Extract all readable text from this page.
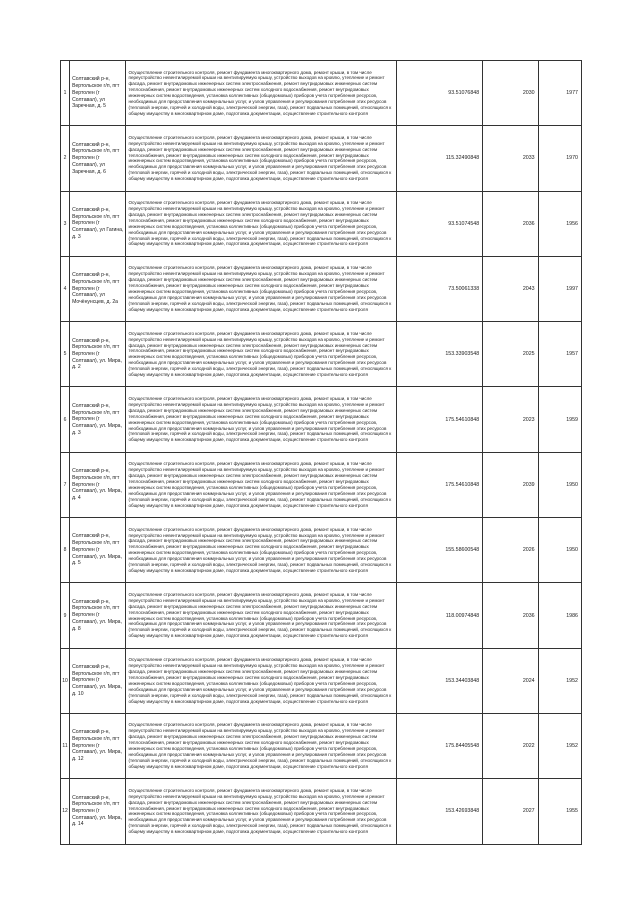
1	Солтавский р-н, Вертольское г/п, пгт Вертолен (г Солтавал), ул Заречная, д. 5	Осуществление строительного контроля, ремонт фундамента многоквартирного дома, ремонт крыши, в том числе переустройство невентилируемой крыши на вентилируемую крышу, устройство выходов на кровлю, утепление и ремонт фасада, ремонт внутридомовых инженерных систем электроснабжения, ремонт внутридомовых инженерных систем теплоснабжения, ремонт внутридомовых инженерных систем холодного водоснабжения, ремонт внутридомовых инженерных систем водоотведения, установка коллективных (общедомовых) приборов учета потребления ресурсов, необходимых для предоставления коммунальных услуг, и узлов управления и регулирования потребления этих ресурсов (тепловой энергии, горячей и холодной воды, электрической энергии, газа), ремонт подвальных помещений, относящихся к общему имуществу в многоквартирном доме, подготовка документации, осуществление строительного контроля	93.51076848	2030	1977
2	Солтавский р-н, Вертольское г/п, пгт Вертолен (г Солтавал), ул Заречная, д. 6	Осуществление строительного контроля, ремонт фундамента многоквартирного дома, ремонт крыши, в том числе переустройство невентилируемой крыши на вентилируемую крышу, устройство выходов на кровлю, утепление и ремонт фасада, ремонт внутридомовых инженерных систем электроснабжения, ремонт внутридомовых инженерных систем теплоснабжения, ремонт внутридомовых инженерных систем холодного водоснабжения, ремонт внутридомовых инженерных систем водоотведения, установка коллективных (общедомовых) приборов учета потребления ресурсов, необходимых для предоставления коммунальных услуг, и узлов управления и регулирования потребления этих ресурсов (тепловой энергии, горячей и холодной воды, электрической энергии, газа), ремонт подвальных помещений, относящихся к общему имуществу в многоквартирном доме, подготовка документации, осуществление строительного контроля	115.32490848	2033	1970
3	Солтавский р-н, Вертольское г/п, пгт Вертолен (г Солтавал), ул Гагина, д. 3	Осуществление строительного контроля, ремонт фундамента многоквартирного дома, ремонт крыши, в том числе переустройство невентилируемой крыши на вентилируемую крышу, устройство выходов на кровлю, утепление и ремонт фасада, ремонт внутридомовых инженерных систем электроснабжения, ремонт внутридомовых инженерных систем теплоснабжения, ремонт внутридомовых инженерных систем холодного водоснабжения, ремонт внутридомовых инженерных систем водоотведения, установка коллективных (общедомовых) приборов учета потребления ресурсов, необходимых для предоставления коммунальных услуг, и узлов управления и регулирования потребления этих ресурсов (тепловой энергии, горячей и холодной воды, электрической энергии, газа), ремонт подвальных помещений, относящихся к общему имуществу в многоквартирном доме, подготовка документации, осуществление строительного контроля	93.51074548	2036	1956
4	Солтавский р-н, Вертольское г/п, пгт Вертолен (г Солтавал), ул Мочёнунсцев, д. 2а	Осуществление строительного контроля, ремонт фундамента многоквартирного дома, ремонт крыши, в том числе переустройство невентилируемой крыши на вентилируемую крышу, устройство выходов на кровлю, утепление и ремонт фасада, ремонт внутридомовых инженерных систем электроснабжения, ремонт внутридомовых инженерных систем теплоснабжения, ремонт внутридомовых инженерных систем холодного водоснабжения, ремонт внутридомовых инженерных систем водоотведения, установка коллективных (общедомовых) приборов учета потребления ресурсов, необходимых для предоставления коммунальных услуг, и узлов управления и регулирования потребления этих ресурсов (тепловой энергии, горячей и холодной воды, электрической энергии, газа), ремонт подвальных помещений, относящихся к общему имуществу в многоквартирном доме, подготовка документации, осуществление строительного контроля	73.50061338	2043	1997
5	Солтавский р-н, Вертольское г/п, пгт Вертолен (г Солтавал), ул. Мира, д. 2	Осуществление строительного контроля, ремонт фундамента многоквартирного дома, ремонт крыши, в том числе переустройство невентилируемой крыши на вентилируемую крышу, устройство выходов на кровлю, утепление и ремонт фасада, ремонт внутридомовых инженерных систем электроснабжения, ремонт внутридомовых инженерных систем теплоснабжения, ремонт внутридомовых инженерных систем холодного водоснабжения, ремонт внутридомовых инженерных систем водоотведения, установка коллективных (общедомовых) приборов учета потребления ресурсов, необходимых для предоставления коммунальных услуг, и узлов управления и регулирования потребления этих ресурсов (тепловой энергии, горячей и холодной воды, электрической энергии, газа), ремонт подвальных помещений, относящихся к общему имуществу в многоквартирном доме, подготовка документации, осуществление строительного контроля	153.33903548	2025	1957
6	Солтавский р-н, Вертольское г/п, пгт Вертолен (г Солтавал), ул. Мира, д. 3	Осуществление строительного контроля, ремонт фундамента многоквартирного дома, ремонт крыши, в том числе переустройство невентилируемой крыши на вентилируемую крышу, устройство выходов на кровлю, утепление и ремонт фасада, ремонт внутридомовых инженерных систем электроснабжения, ремонт внутридомовых инженерных систем теплоснабжения, ремонт внутридомовых инженерных систем холодного водоснабжения, ремонт внутридомовых инженерных систем водоотведения, установка коллективных (общедомовых) приборов учета потребления ресурсов, необходимых для предоставления коммунальных услуг, и узлов управления и регулирования потребления этих ресурсов (тепловой энергии, горячей и холодной воды, электрической энергии, газа), ремонт подвальных помещений, относящихся к общему имуществу в многоквартирном доме, подготовка документации, осуществление строительного контроля	175.54610848	2023	1959
7	Солтавский р-н, Вертольское г/п, пгт Вертолен (г Солтавал), ул. Мира, д. 4	Осуществление строительного контроля, ремонт фундамента многоквартирного дома, ремонт крыши, в том числе переустройство невентилируемой крыши на вентилируемую крышу, устройство выходов на кровлю, утепление и ремонт фасада, ремонт внутридомовых инженерных систем электроснабжения, ремонт внутридомовых инженерных систем теплоснабжения, ремонт внутридомовых инженерных систем холодного водоснабжения, ремонт внутридомовых инженерных систем водоотведения, установка коллективных (общедомовых) приборов учета потребления ресурсов, необходимых для предоставления коммунальных услуг, и узлов управления и регулирования потребления этих ресурсов (тепловой энергии, горячей и холодной воды, электрической энергии, газа), ремонт подвальных помещений, относящихся к общему имуществу в многоквартирном доме, подготовка документации, осуществление строительного контроля	175.54610848	2039	1950
8	Солтавский р-н, Вертольское г/п, пгт Вертолен (г Солтавал), ул. Мира, д. 5	Осуществление строительного контроля, ремонт фундамента многоквартирного дома, ремонт крыши, в том числе переустройство невентилируемой крыши на вентилируемую крышу, устройство выходов на кровлю, утепление и ремонт фасада, ремонт внутридомовых инженерных систем электроснабжения, ремонт внутридомовых инженерных систем теплоснабжения, ремонт внутридомовых инженерных систем холодного водоснабжения, ремонт внутридомовых инженерных систем водоотведения, установка коллективных (общедомовых) приборов учета потребления ресурсов, необходимых для предоставления коммунальных услуг, и узлов управления и регулирования потребления этих ресурсов (тепловой энергии, горячей и холодной воды, электрической энергии, газа), ремонт подвальных помещений, относящихся к общему имуществу в многоквартирном доме, подготовка документации, осуществление строительного контроля	155.58600548	2026	1950
9	Солтавский р-н, Вертольское г/п, пгт Вертолен (г Солтавал), ул. Мира, д. 8	Осуществление строительного контроля, ремонт фундамента многоквартирного дома, ремонт крыши, в том числе переустройство невентилируемой крыши на вентилируемую крышу, устройство выходов на кровлю, утепление и ремонт фасада, ремонт внутридомовых инженерных систем электроснабжения, ремонт внутридомовых инженерных систем теплоснабжения, ремонт внутридомовых инженерных систем холодного водоснабжения, ремонт внутридомовых инженерных систем водоотведения, установка коллективных (общедомовых) приборов учета потребления ресурсов, необходимых для предоставления коммунальных услуг, и узлов управления и регулирования потребления этих ресурсов (тепловой энергии, горячей и холодной воды, электрической энергии, газа), ремонт подвальных помещений, относящихся к общему имуществу в многоквартирном доме, подготовка документации, осуществление строительного контроля	118.00974848	2036	1986
10	Солтавский р-н, Вертольское г/п, пгт Вертолен (г Солтавал), ул. Мира, д. 10	Осуществление строительного контроля, ремонт фундамента многоквартирного дома, ремонт крыши, в том числе переустройство невентилируемой крыши на вентилируемую крышу, устройство выходов на кровлю, утепление и ремонт фасада, ремонт внутридомовых инженерных систем электроснабжения, ремонт внутридомовых инженерных систем теплоснабжения, ремонт внутридомовых инженерных систем холодного водоснабжения, ремонт внутридомовых инженерных систем водоотведения, установка коллективных (общедомовых) приборов учета потребления ресурсов, необходимых для предоставления коммунальных услуг, и узлов управления и регулирования потребления этих ресурсов (тепловой энергии, горячей и холодной воды, электрической энергии, газа), ремонт подвальных помещений, относящихся к общему имуществу в многоквартирном доме, подготовка документации, осуществление строительного контроля	153.34403848	2024	1952
11	Солтавский р-н, Вертольское г/п, пгт Вертолен (г Солтавал), ул. Мира, д. 12	Осуществление строительного контроля, ремонт фундамента многоквартирного дома, ремонт крыши, в том числе переустройство невентилируемой крыши на вентилируемую крышу, устройство выходов на кровлю, утепление и ремонт фасада, ремонт внутридомовых инженерных систем электроснабжения, ремонт внутридомовых инженерных систем теплоснабжения, ремонт внутридомовых инженерных систем холодного водоснабжения, ремонт внутридомовых инженерных систем водоотведения, установка коллективных (общедомовых) приборов учета потребления ресурсов, необходимых для предоставления коммунальных услуг, и узлов управления и регулирования потребления этих ресурсов (тепловой энергии, горячей и холодной воды, электрической энергии, газа), ремонт подвальных помещений, относящихся к общему имуществу в многоквартирном доме, подготовка документации, осуществление строительного контроля	175.84405548	2022	1952
12	Солтавский р-н, Вертольское г/п, пгт Вертолен (г Солтавал), ул. Мира, д. 14	Осуществление строительного контроля, ремонт фундамента многоквартирного дома, ремонт крыши, в том числе переустройство невентилируемой крыши на вентилируемую крышу, устройство выходов на кровлю, утепление и ремонт фасада, ремонт внутридомовых инженерных систем электроснабжения, ремонт внутридомовых инженерных систем теплоснабжения, ремонт внутридомовых инженерных систем холодного водоснабжения, ремонт внутридомовых инженерных систем водоотведения, установка коллективных (общедомовых) приборов учета потребления ресурсов, необходимых для предоставления коммунальных услуг, и узлов управления и регулирования потребления этих ресурсов (тепловой энергии, горячей и холодной воды, электрической энергии, газа), ремонт подвальных помещений, относящихся к общему имуществу в многоквартирном доме, подготовка документации, осуществление строительного контроля	153.42693848	2027	1955
